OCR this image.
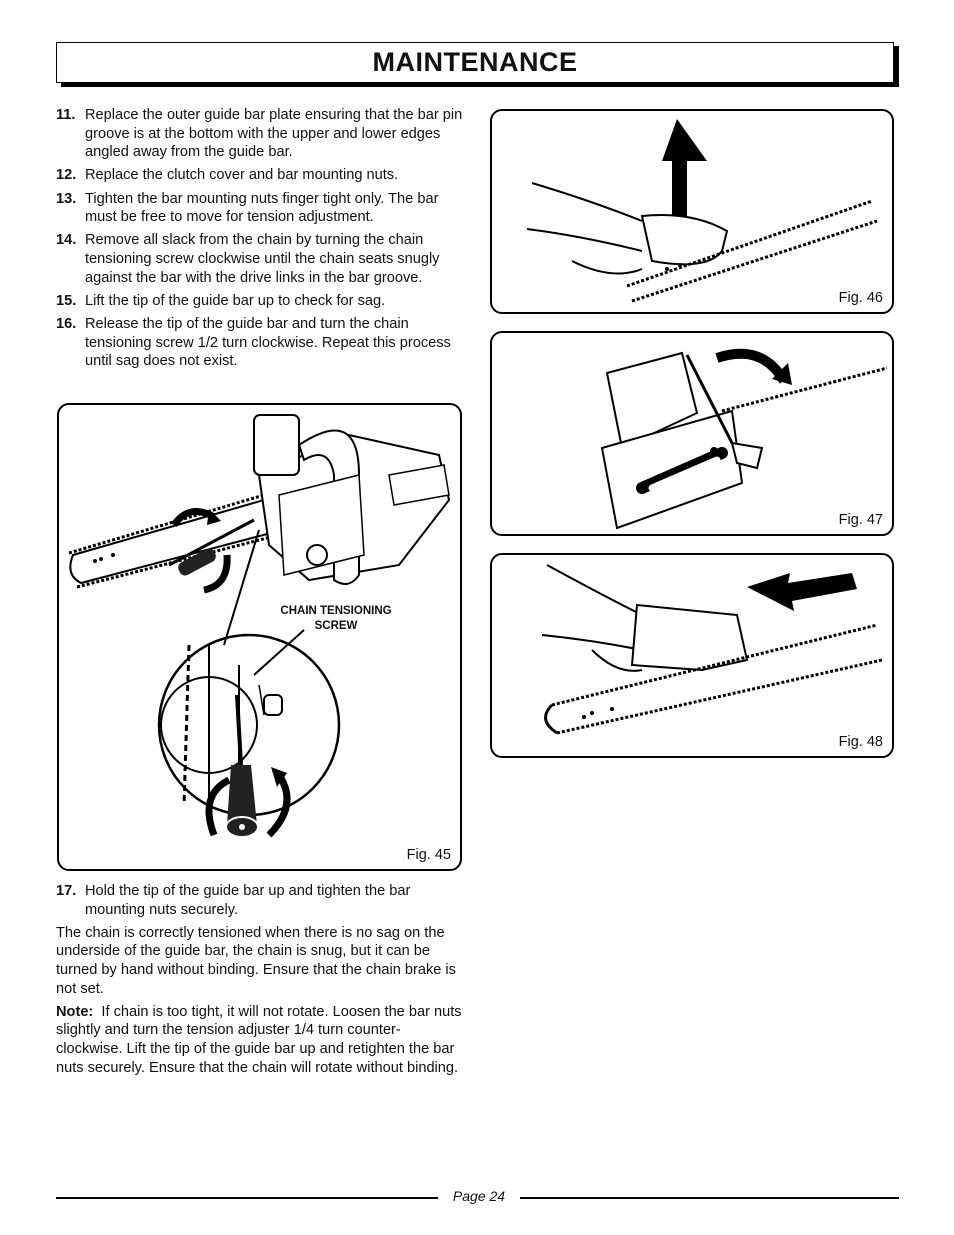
MAINTENANCE
11. Replace the outer guide bar plate ensuring that the bar pin groove is at the bottom with the upper and lower edges angled away from the guide bar.
12. Replace the clutch cover and bar mounting nuts.
13. Tighten the bar mounting nuts finger tight only. The bar must be free to move for tension adjustment.
14. Remove all slack from the chain by turning the chain tensioning screw clockwise until the chain seats snugly against the bar with the drive links in the bar groove.
15. Lift the tip of the guide bar up to check for sag.
16. Release the tip of the guide bar and turn the chain tensioning screw 1/2 turn clockwise. Repeat this process until sag does not exist.
CHAIN TENSIONING
SCREW
Fig. 45
Fig. 46
Fig. 47
Fig. 48
17. Hold the tip of the guide bar up and tighten the bar mounting nuts securely.

The chain is correctly tensioned when there is no sag on the underside of the guide bar, the chain is snug, but it can be turned by hand without binding. Ensure that the chain brake is not set.

Note: If chain is too tight, it will not rotate. Loosen the bar nuts slightly and turn the tension adjuster 1/4 turn counter-clockwise. Lift the tip of the guide bar up and retighten the bar nuts securely. Ensure that the chain will rotate without binding.

Page 24
